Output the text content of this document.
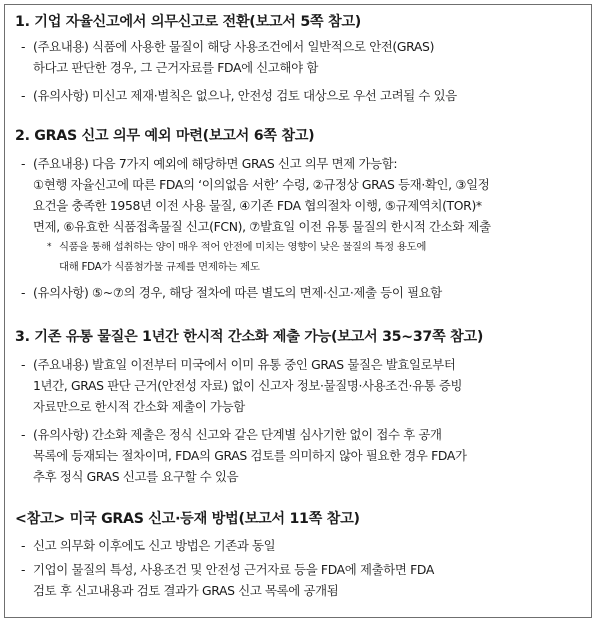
1. 기업 자율신고에서 의무신고로 전환(보고서 5쪽 참고)

- (주요내용) 식품에 사용한 물질이 해당 사용조건에서 일반적으로 안전(GRAS)
하다고 판단한 경우, 그 근거자료를 FDA에 신고해야 함
- (유의사항) 미신고 제재·벌칙은 없으나, 안전성 검토 대상으로 우선 고려될 수 있음

2. GRAS 신고 의무 예외 마련(보고서 6쪽 참고)

- (주요내용) 다음 7가지 예외에 해당하면 GRAS 신고 의무 면제 가능함:
①현행 자율신고에 따른 FDA의 ‘이의없음 서한’ 수령, ②규정상 GRAS 등재·확인, ③일정
요건을 충족한 1958년 이전 사용 물질, ④기존 FDA 협의절차 이행, ⑤규제역치(TOR)*
면제, ⑥유효한 식품접촉물질 신고(FCN), ⑦발효일 이전 유통 물질의 한시적 간소화 제출
* 식품을 통해 섭취하는 양이 매우 적어 안전에 미치는 영향이 낮은 물질의 특정 용도에
대해 FDA가 식품첨가물 규제를 면제하는 제도
- (유의사항) ⑤~⑦의 경우, 해당 절차에 따른 별도의 면제·신고·제출 등이 필요함

3. 기존 유통 물질은 1년간 한시적 간소화 제출 가능(보고서 35~37쪽 참고)

- (주요내용) 발효일 이전부터 미국에서 이미 유통 중인 GRAS 물질은 발효일로부터
1년간, GRAS 판단 근거(안전성 자료) 없이 신고자 정보·물질명·사용조건·유통 증빙
자료만으로 한시적 간소화 제출이 가능함
- (유의사항) 간소화 제출은 정식 신고와 같은 단계별 심사기한 없이 접수 후 공개
목록에 등재되는 절차이며, FDA의 GRAS 검토를 의미하지 않아 필요한 경우 FDA가
추후 정식 GRAS 신고를 요구할 수 있음

<참고> 미국 GRAS 신고·등재 방법(보고서 11쪽 참고)

- 신고 의무화 이후에도 신고 방법은 기존과 동일
- 기업이 물질의 특성, 사용조건 및 안전성 근거자료 등을 FDA에 제출하면 FDA
검토 후 신고내용과 검토 결과가 GRAS 신고 목록에 공개됨
